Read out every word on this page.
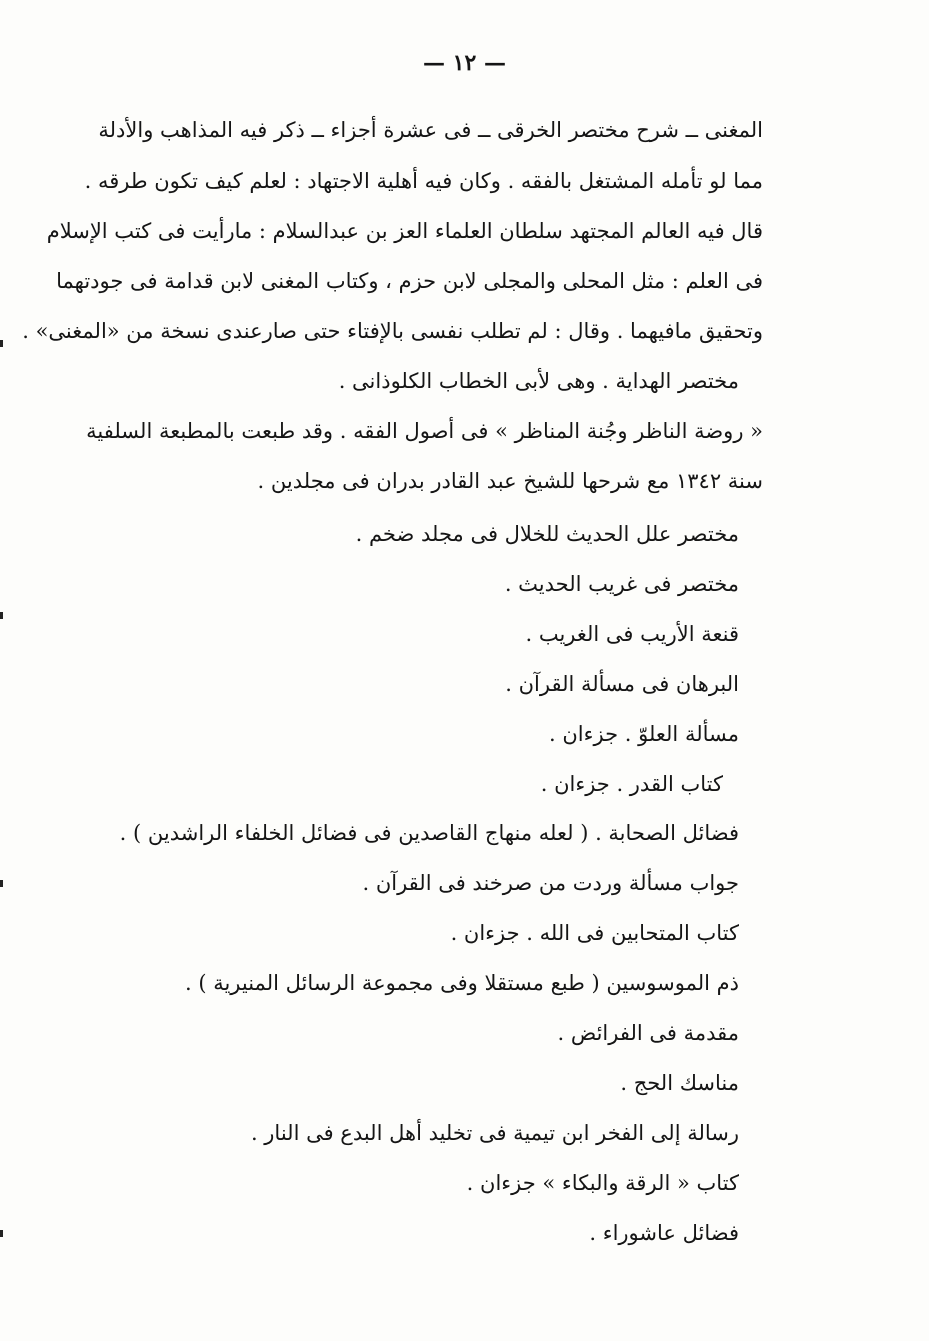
— ١٢ —
المغنى ــ شرح مختصر الخرقى ــ فى عشرة أجزاء ــ ذكر فيه المذاهب والأدلة
مما لو تأمله المشتغل بالفقه . وكان فيه أهلية الاجتهاد : لعلم كيف تكون طرقه .
قال فيه العالم المجتهد سلطان العلماء العز بن عبدالسلام : مارأيت فى كتب الإسلام
فى العلم : مثل المحلى والمجلى لابن حزم ، وكتاب المغنى لابن قدامة فى جودتهما
وتحقيق مافيهما . وقال : لم تطلب نفسى بالإفتاء حتى صارعندى نسخة من «المغنى» .
مختصر الهداية . وهى لأبى الخطاب الكلوذانى .
« روضة الناظر وجُنة المناظر » فى أصول الفقه . وقد طبعت بالمطبعة السلفية
سنة ١٣٤٢ مع شرحها للشيخ عبد القادر بدران فى مجلدين .
مختصر علل الحديث للخلال فى مجلد ضخم .
مختصر فى غريب الحديث .
قنعة الأريب فى الغريب .
البرهان فى مسألة القرآن .
مسألة العلوّ . جزءان .
كتاب القدر . جزءان .
فضائل الصحابة . ( لعله منهاج القاصدين فى فضائل الخلفاء الراشدين ) .
جواب مسألة وردت من صرخند فى القرآن .
كتاب المتحابين فى الله . جزءان .
ذم الموسوسين ( طبع مستقلا وفى مجموعة الرسائل المنيرية ) .
مقدمة فى الفرائض .
مناسك الحج .
رسالة إلى الفخر ابن تيمية فى تخليد أهل البدع فى النار .
كتاب « الرقة والبكاء » جزءان .
فضائل عاشوراء .
